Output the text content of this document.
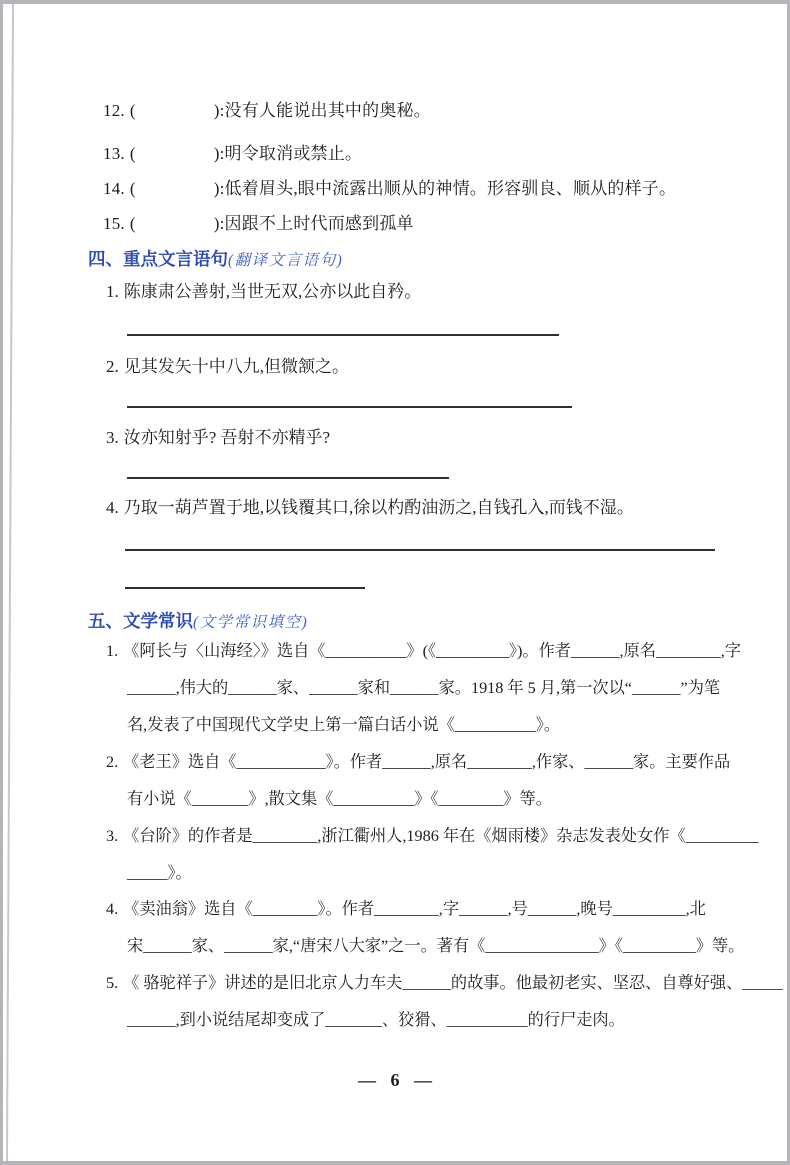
12. (	):没有人能说出其中的奥秘。
13. (	):明令取消或禁止。
14. (	):低着眉头,眼中流露出顺从的神情。形容驯良、顺从的样子。
15. (	):因跟不上时代而感到孤单
四、重点文言语句(翻译文言语句)
1. 陈康肃公善射,当世无双,公亦以此自矜。
2. 见其发矢十中八九,但微颔之。
3. 汝亦知射乎? 吾射不亦精乎?
4. 乃取一葫芦置于地,以钱覆其口,徐以杓酌油沥之,自钱孔入,而钱不湿。
五、文学常识(文学常识填空)
1. 《阿长与〈山海经〉》选自《__________》(《_________》)。作者______,原名________,字
______,伟大的______家、______家和______家。1918 年 5 月,第一次以“______”为笔
名,发表了中国现代文学史上第一篇白话小说《__________》。
2. 《老王》选自《___________》。作者______,原名________,作家、______家。主要作品
有小说《_______》,散文集《__________》《________》等。
3. 《台阶》的作者是________,浙江衢州人,1986 年在《烟雨楼》杂志发表处女作《_________
_____》。
4. 《卖油翁》选自《________》。作者________,字______,号______,晚号_________,北
宋______家、______家,“唐宋八大家”之一。著有《______________》《_________》等。
5. 《 骆驼祥子》讲述的是旧北京人力车夫______的故事。他最初老实、坚忍、自尊好强、_____
______,到小说结尾却变成了_______、狡猾、__________的行尸走肉。
— 6 —
